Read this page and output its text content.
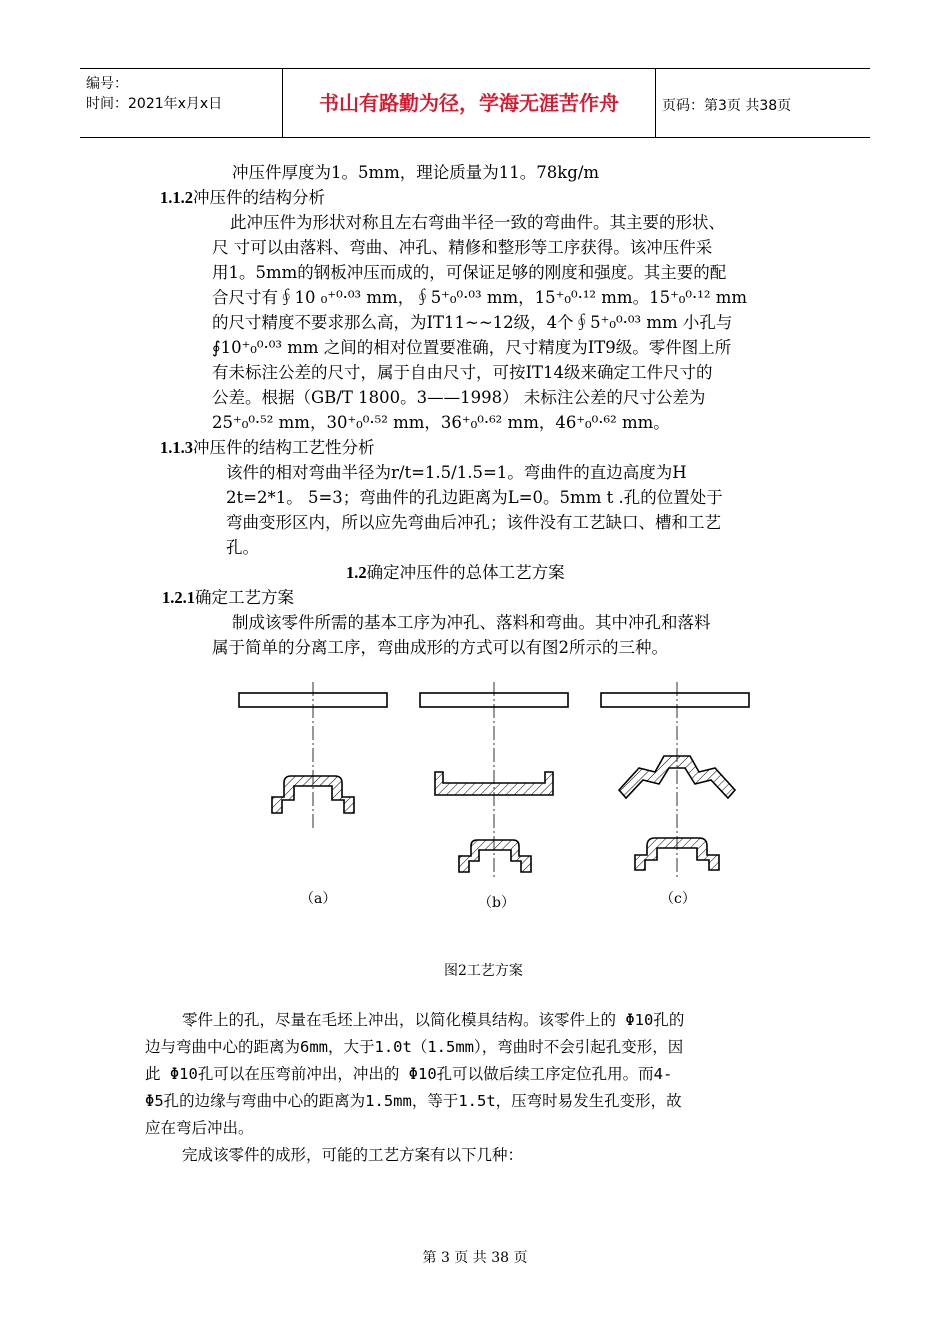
编号：
时间：2021年x月x日	书山有路勤为径，学海无涯苦作舟	页码：第3页 共38页
冲压件厚度为1。5mm，理论质量为11。78kg/m
1.1.2冲压件的结构分析
此冲压件为形状对称且左右弯曲半径一致的弯曲件。其主要的形状、
尺 寸可以由落料、弯曲、冲孔、精修和整形等工序获得。该冲压件采
用1。5mm的钢板冲压而成的，可保证足够的刚度和强度。其主要的配
合尺寸有∮10 ₀⁺⁰·⁰³ mm，∮5⁺₀⁰·⁰³ mm，15⁺₀⁰·¹² mm。15⁺₀⁰·¹² mm
的尺寸精度不要求那么高，为IT11~~12级，4个∮5⁺₀⁰·⁰³ mm 小孔与
∮10⁺₀⁰·⁰³ mm 之间的相对位置要准确，尺寸精度为IT9级。零件图上所
有未标注公差的尺寸，属于自由尺寸，可按IT14级来确定工件尺寸的
公差。根据（GB/T 1800。3——1998） 未标注公差的尺寸公差为
25⁺₀⁰·⁵² mm，30⁺₀⁰·⁵² mm，36⁺₀⁰·⁶² mm，46⁺₀⁰·⁶² mm。
1.1.3冲压件的结构工艺性分析
该件的相对弯曲半径为r/t=1.5/1.5=1。弯曲件的直边高度为H
2t=2*1。 5=3；弯曲件的孔边距离为L=0。5mm t .孔的位置处于
弯曲变形区内，所以应先弯曲后冲孔；该件没有工艺缺口、槽和工艺
孔。
1.2确定冲压件的总体工艺方案
1.2.1确定工艺方案
制成该零件所需的基本工序为冲孔、落料和弯曲。其中冲孔和落料
属于简单的分离工序，弯曲成形的方式可以有图2所示的三种。
（a）	（b）	（c）
图2工艺方案
零件上的孔，尽量在毛坯上冲出，以简化模具结构。该零件上的 Φ10孔的
边与弯曲中心的距离为6mm，大于1.0t（1.5mm），弯曲时不会引起孔变形，因
此 Φ10孔可以在压弯前冲出，冲出的 Φ10孔可以做后续工序定位孔用。而4-
Φ5孔的边缘与弯曲中心的距离为1.5mm，等于1.5t，压弯时易发生孔变形，故
应在弯后冲出。
完成该零件的成形，可能的工艺方案有以下几种：
第 3 页 共 38 页
